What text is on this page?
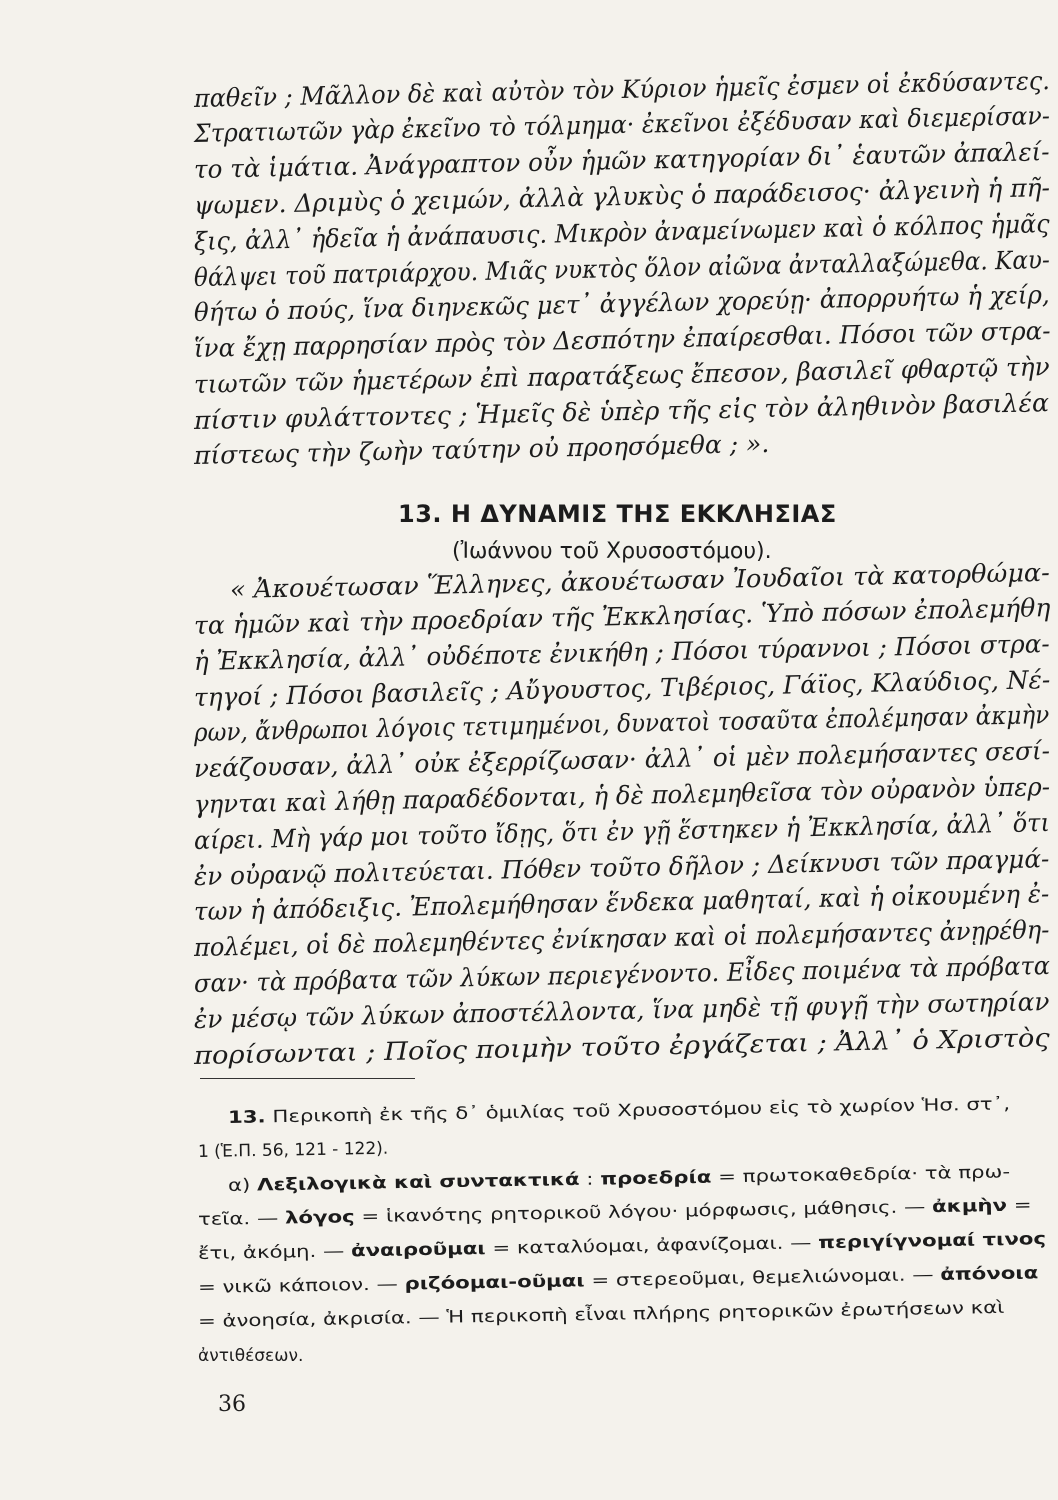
παθεῖν ; Μᾶλλον δὲ καὶ αὐτὸν τὸν Κύριον ἡμεῖς ἐσμεν οἱ ἐκδύσαντες.
Στρατιωτῶν γὰρ ἐκεῖνο τὸ τόλμημα· ἐκεῖνοι ἐξέδυσαν καὶ διεμερίσαν-
το τὰ ἱμάτια. Ἀνάγραπτον οὖν ἡμῶν κατηγορίαν δι᾽ ἑαυτῶν ἀπαλεί-
ψωμεν. Δριμὺς ὁ χειμών, ἀλλὰ γλυκὺς ὁ παράδεισος· ἀλγεινὴ ἡ πῆ-
ξις, ἀλλ᾽ ἡδεῖα ἡ ἀνάπαυσις. Μικρὸν ἀναμείνωμεν καὶ ὁ κόλπος ἡμᾶς
θάλψει τοῦ πατριάρχου. Μιᾶς νυκτὸς ὅλον αἰῶνα ἀνταλλαξώμεθα. Καυ-
θήτω ὁ πούς, ἵνα διηνεκῶς μετ᾽ ἀγγέλων χορεύῃ· ἀπορρυήτω ἡ χείρ,
ἵνα ἔχῃ παρρησίαν πρὸς τὸν Δεσπότην ἐπαίρεσθαι. Πόσοι τῶν στρα-
τιωτῶν τῶν ἡμετέρων ἐπὶ παρατάξεως ἔπεσον, βασιλεῖ φθαρτῷ τὴν
πίστιν φυλάττοντες ; Ἡμεῖς δὲ ὑπὲρ τῆς εἰς τὸν ἀληθινὸν βασιλέα
πίστεως τὴν ζωὴν ταύτην οὐ προησόμεθα ; ».
13. Η ΔΥΝΑΜΙΣ ΤΗΣ ΕΚΚΛΗΣΙΑΣ
(Ἰωάννου τοῦ Χρυσοστόμου).
« Ἀκουέτωσαν Ἕλληνες, ἀκουέτωσαν Ἰουδαῖοι τὰ κατορθώμα-
τα ἡμῶν καὶ τὴν προεδρίαν τῆς Ἐκκλησίας. Ὑπὸ πόσων ἐπολεμήθη
ἡ Ἐκκλησία, ἀλλ᾽ οὐδέποτε ἐνικήθη ; Πόσοι τύραννοι ; Πόσοι στρα-
τηγοί ; Πόσοι βασιλεῖς ; Αὔγουστος, Τιβέριος, Γάϊος, Κλαύδιος, Νέ-
ρων, ἄνθρωποι λόγοις τετιμημένοι, δυνατοὶ τοσαῦτα ἐπολέμησαν ἀκμὴν
νεάζουσαν, ἀλλ᾽ οὐκ ἐξερρίζωσαν· ἀλλ᾽ οἱ μὲν πολεμήσαντες σεσί-
γηνται καὶ λήθῃ παραδέδονται, ἡ δὲ πολεμηθεῖσα τὸν οὐρανὸν ὑπερ-
αίρει. Μὴ γάρ μοι τοῦτο ἴδῃς, ὅτι ἐν γῇ ἕστηκεν ἡ Ἐκκλησία, ἀλλ᾽ ὅτι
ἐν οὐρανῷ πολιτεύεται. Πόθεν τοῦτο δῆλον ; Δείκνυσι τῶν πραγμά-
των ἡ ἀπόδειξις. Ἐπολεμήθησαν ἕνδεκα μαθηταί, καὶ ἡ οἰκουμένη ἐ-
πολέμει, οἱ δὲ πολεμηθέντες ἐνίκησαν καὶ οἱ πολεμήσαντες ἀνῃρέθη-
σαν· τὰ πρόβατα τῶν λύκων περιεγένοντο. Εἶδες ποιμένα τὰ πρόβατα
ἐν μέσῳ τῶν λύκων ἀποστέλλοντα, ἵνα μηδὲ τῇ φυγῇ τὴν σωτηρίαν
πορίσωνται ; Ποῖος ποιμὴν τοῦτο ἐργάζεται ; Ἀλλ᾽ ὁ Χριστὸς
13. Περικοπὴ ἐκ τῆς δ᾽ ὁμιλίας τοῦ Χρυσοστόμου εἰς τὸ χωρίον Ἡσ. στ᾽,
1 (Ἑ.Π. 56, 121 - 122).
α) Λεξιλογικὰ καὶ συντακτικά : προεδρία = πρωτοκαθεδρία· τὰ πρω-
τεῖα. — λόγος = ἱκανότης ρητορικοῦ λόγου· μόρφωσις, μάθησις. — ἀκμὴν =
ἔτι, ἀκόμη. — ἀναιροῦμαι = καταλύομαι, ἀφανίζομαι. — περιγίγνομαί τινος
= νικῶ κάποιον. — ριζόομαι-οῦμαι = στερεοῦμαι, θεμελιώνομαι. — ἀπόνοια
= ἀνοησία, ἀκρισία. — Ἡ περικοπὴ εἶναι πλήρης ρητορικῶν ἐρωτήσεων καὶ
ἀντιθέσεων.
36
